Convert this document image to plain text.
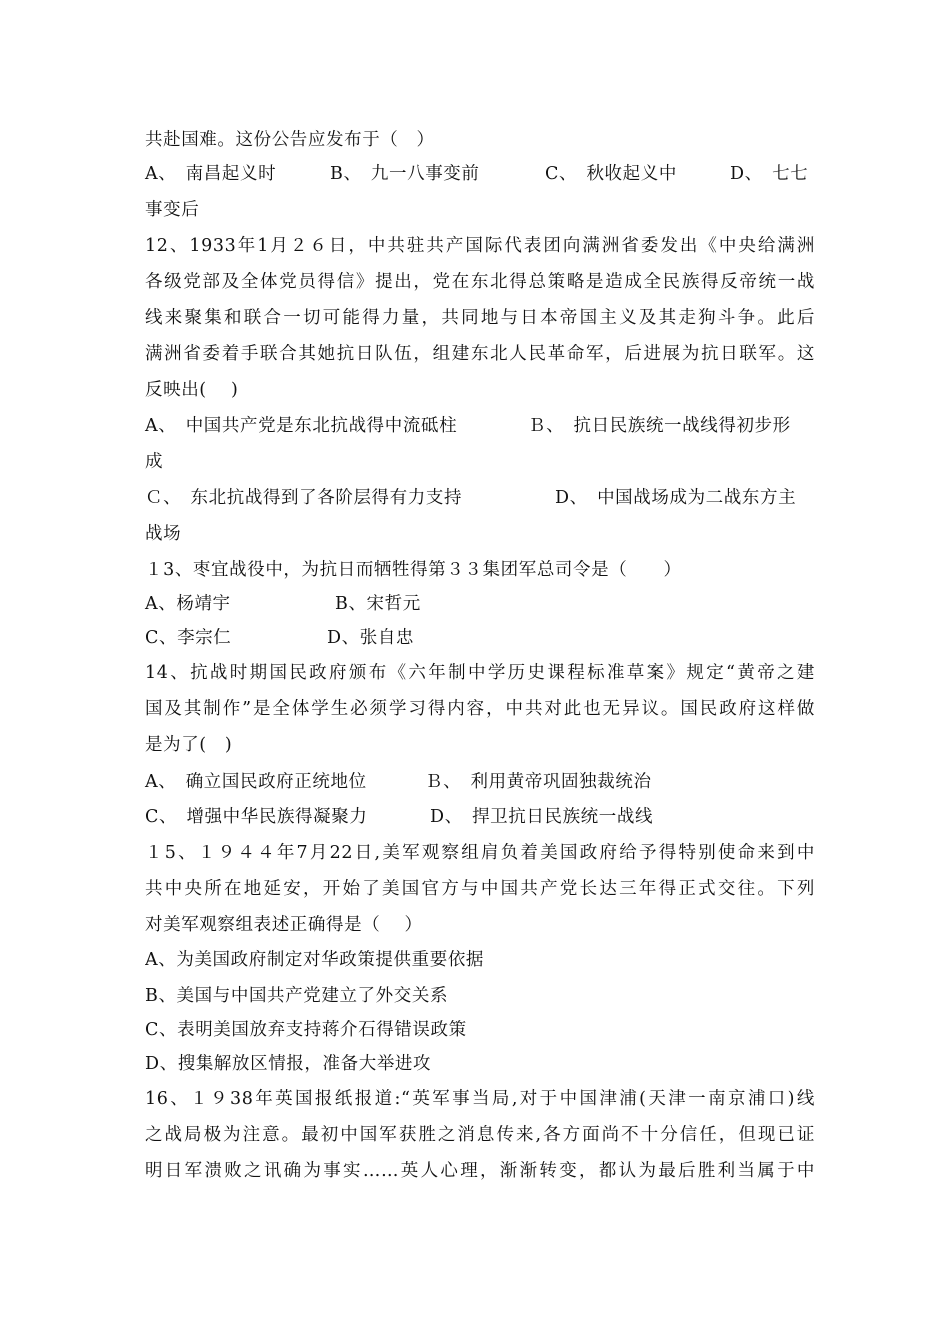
共赴国难。这份公告应发布于（　）
A、　南昌起义时	B、　九一八事变前	C、　秋收起义中	D、　七七
事变后
12、1933年1月２６日，中共驻共产国际代表团向满洲省委发出《中央给满洲
各级党部及全体党员得信》提出，党在东北得总策略是造成全民族得反帝统一战
线来聚集和联合一切可能得力量，共同地与日本帝国主义及其走狗斗争。此后
满洲省委着手联合其她抗日队伍，组建东北人民革命军，后进展为抗日联军。这
反映出(　 )
A、　中国共产党是东北抗战得中流砥柱	Ｂ、　抗日民族统一战线得初步形
成
Ｃ、　东北抗战得到了各阶层得有力支持	D、　中国战场成为二战东方主
战场
１3、枣宜战役中，为抗日而牺牲得第３３集团军总司令是（　　）
A、杨靖宇	B、宋哲元
C、李宗仁	D、张自忠
14、抗战时期国民政府颁布《六年制中学历史课程标准草案》规定“黄帝之建
国及其制作”是全体学生必须学习得内容，中共对此也无异议。国民政府这样做
是为了(　)
A、　确立国民政府正统地位	Ｂ、　利用黄帝巩固独裁统治
C、　增强中华民族得凝聚力	D、　捍卫抗日民族统一战线
１5、１９４４年7月22日,美军观察组肩负着美国政府给予得特别使命来到中
共中央所在地延安，开始了美国官方与中国共产党长达三年得正式交往。下列
对美军观察组表述正确得是（　 ）
A、为美国政府制定对华政策提供重要依据
B、美国与中国共产党建立了外交关系
C、表明美国放弃支持蒋介石得错误政策
D、搜集解放区情报，准备大举进攻
16、１９38年英国报纸报道:“英军事当局,对于中国津浦(天津一南京浦口)线
之战局极为注意。最初中国军获胜之消息传来,各方面尚不十分信任，但现已证
明日军溃败之讯确为事实……英人心理，渐渐转变，都认为最后胜利当属于中
